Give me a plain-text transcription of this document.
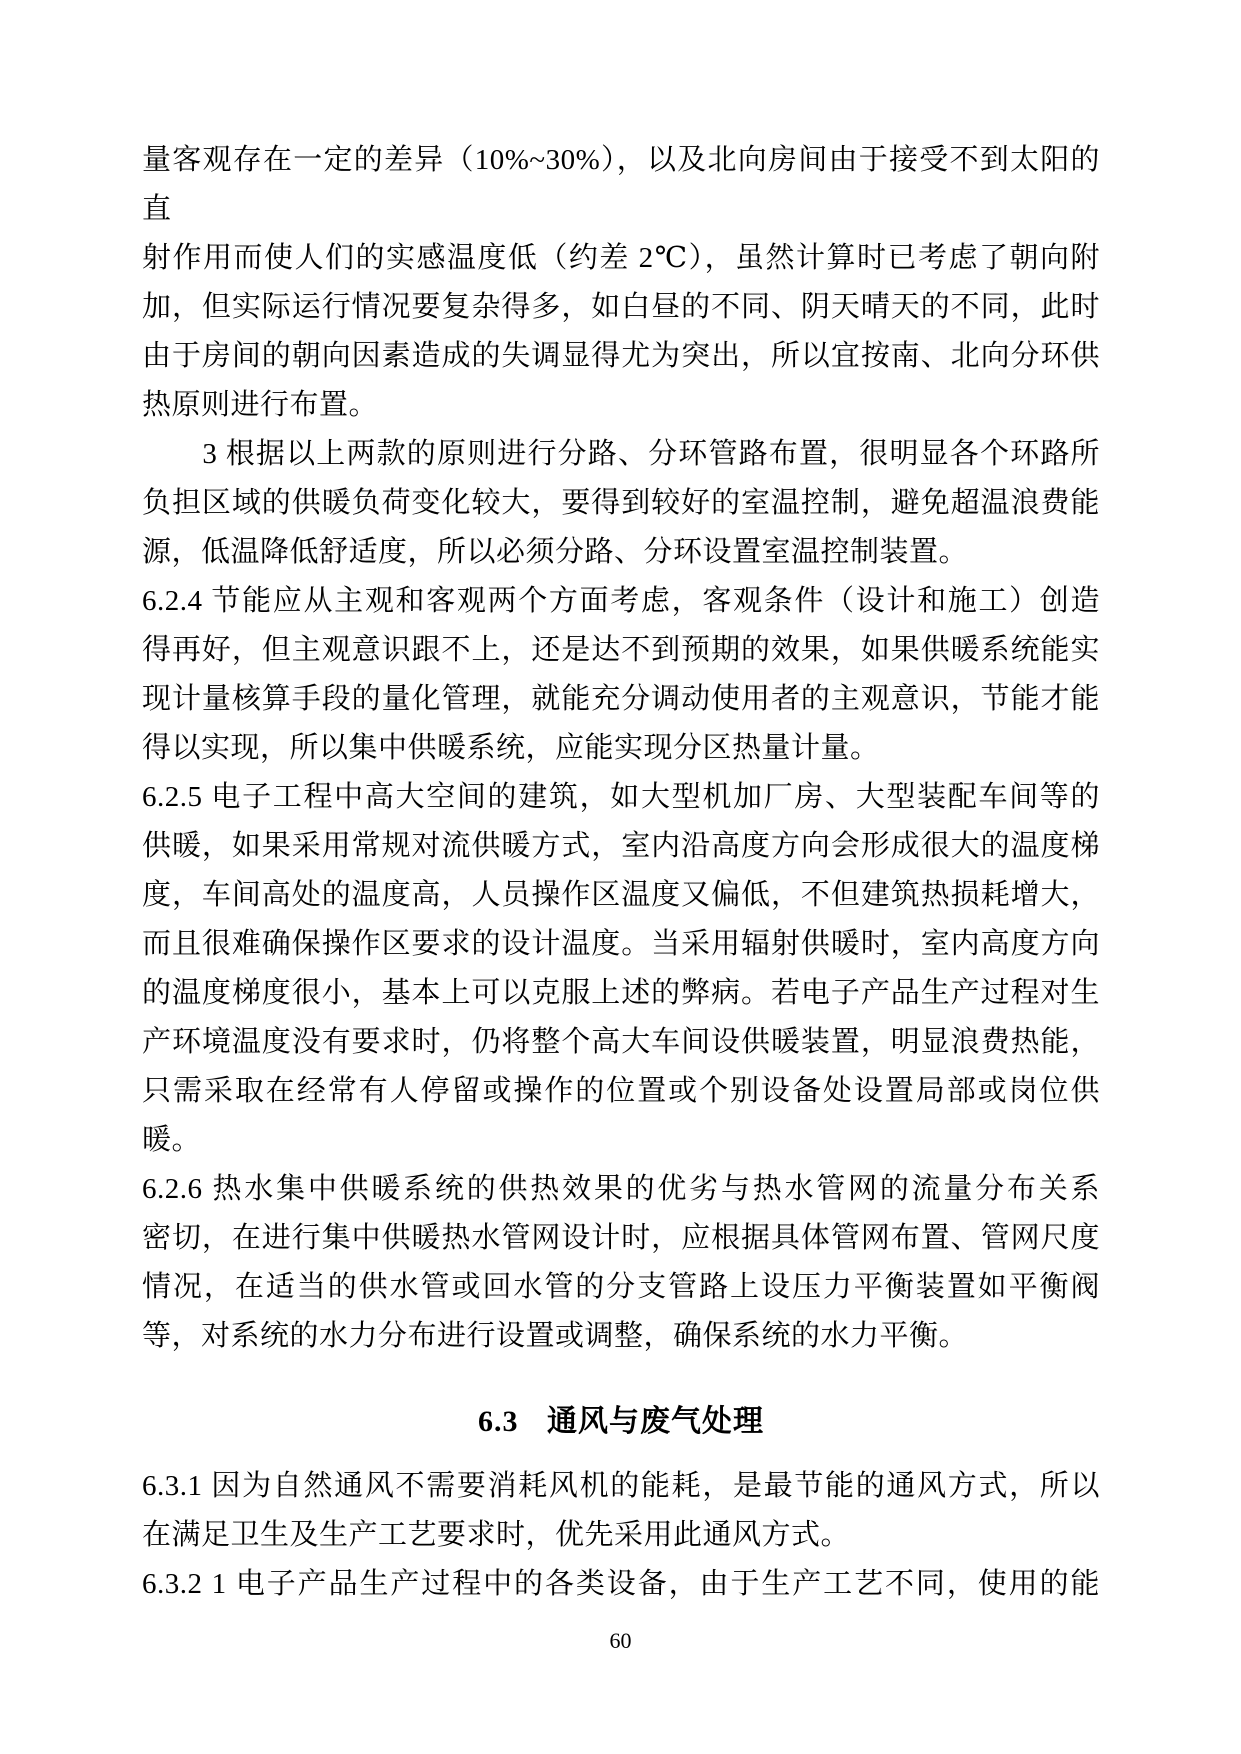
量客观存在一定的差异（10%~30%），以及北向房间由于接受不到太阳的直
射作用而使人们的实感温度低（约差 2℃），虽然计算时已考虑了朝向附
加，但实际运行情况要复杂得多，如白昼的不同、阴天晴天的不同，此时
由于房间的朝向因素造成的失调显得尤为突出，所以宜按南、北向分环供
热原则进行布置。
　　3 根据以上两款的原则进行分路、分环管路布置，很明显各个环路所
负担区域的供暖负荷变化较大，要得到较好的室温控制，避免超温浪费能
源，低温降低舒适度，所以必须分路、分环设置室温控制装置。
6.2.4 节能应从主观和客观两个方面考虑，客观条件（设计和施工）创造
得再好，但主观意识跟不上，还是达不到预期的效果，如果供暖系统能实
现计量核算手段的量化管理，就能充分调动使用者的主观意识，节能才能
得以实现，所以集中供暖系统，应能实现分区热量计量。
6.2.5 电子工程中高大空间的建筑，如大型机加厂房、大型装配车间等的
供暖，如果采用常规对流供暖方式，室内沿高度方向会形成很大的温度梯
度，车间高处的温度高，人员操作区温度又偏低，不但建筑热损耗增大，
而且很难确保操作区要求的设计温度。当采用辐射供暖时，室内高度方向
的温度梯度很小，基本上可以克服上述的弊病。若电子产品生产过程对生
产环境温度没有要求时，仍将整个高大车间设供暖装置，明显浪费热能，
只需采取在经常有人停留或操作的位置或个别设备处设置局部或岗位供
暖。
6.2.6 热水集中供暖系统的供热效果的优劣与热水管网的流量分布关系
密切，在进行集中供暖热水管网设计时，应根据具体管网布置、管网尺度
情况，在适当的供水管或回水管的分支管路上设压力平衡装置如平衡阀
等，对系统的水力分布进行设置或调整，确保系统的水力平衡。
6.3 通风与废气处理
6.3.1 因为自然通风不需要消耗风机的能耗，是最节能的通风方式，所以
在满足卫生及生产工艺要求时，优先采用此通风方式。
6.3.2 1 电子产品生产过程中的各类设备，由于生产工艺不同，使用的能
60
